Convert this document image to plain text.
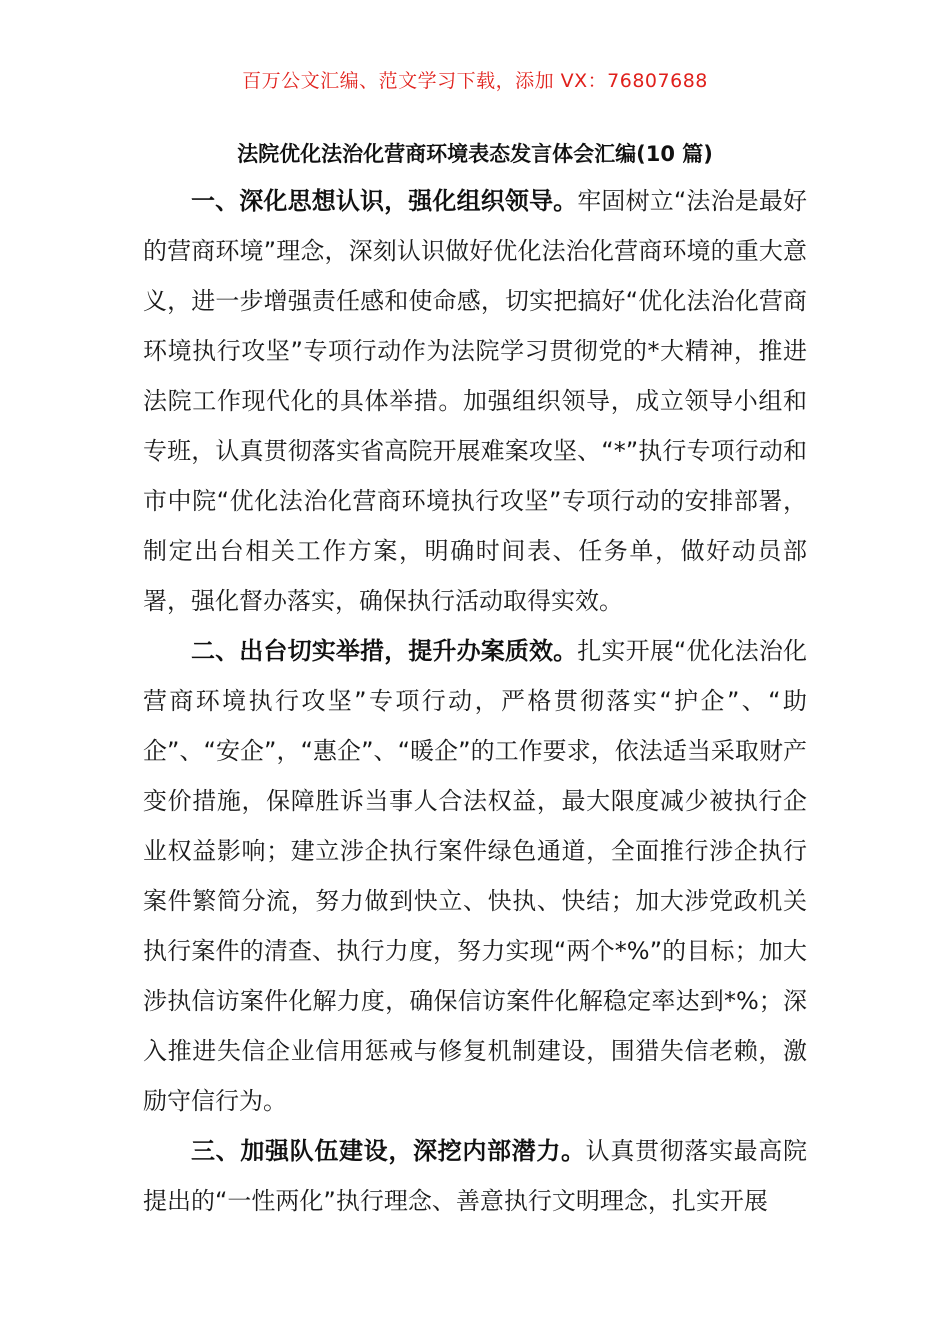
百万公文汇编、范文学习下载，添加 VX：76807688
法院优化法治化营商环境表态发言体会汇编(10 篇)

一、深化思想认识，强化组织领导。牢固树立“法治是最好的营商环境”理念，深刻认识做好优化法治化营商环境的重大意义，进一步增强责任感和使命感，切实把搞好“优化法治化营商环境执行攻坚”专项行动作为法院学习贯彻党的*大精神，推进法院工作现代化的具体举措。加强组织领导，成立领导小组和专班，认真贯彻落实省高院开展难案攻坚、“*”执行专项行动和市中院“优化法治化营商环境执行攻坚”专项行动的安排部署，制定出台相关工作方案，明确时间表、任务单，做好动员部署，强化督办落实，确保执行活动取得实效。

二、出台切实举措，提升办案质效。扎实开展“优化法治化营商环境执行攻坚”专项行动，严格贯彻落实“护企”、“助企”、“安企”，“惠企”、“暖企”的工作要求，依法适当采取财产变价措施，保障胜诉当事人合法权益，最大限度减少被执行企业权益影响；建立涉企执行案件绿色通道，全面推行涉企执行案件繁简分流，努力做到快立、快执、快结；加大涉党政机关执行案件的清查、执行力度，努力实现“两个*%”的目标；加大涉执信访案件化解力度，确保信访案件化解稳定率达到*%；深入推进失信企业信用惩戒与修复机制建设，围猎失信老赖，激励守信行为。

三、加强队伍建设，深挖内部潜力。认真贯彻落实最高院提出的“一性两化”执行理念、善意执行文明理念，扎实开展
